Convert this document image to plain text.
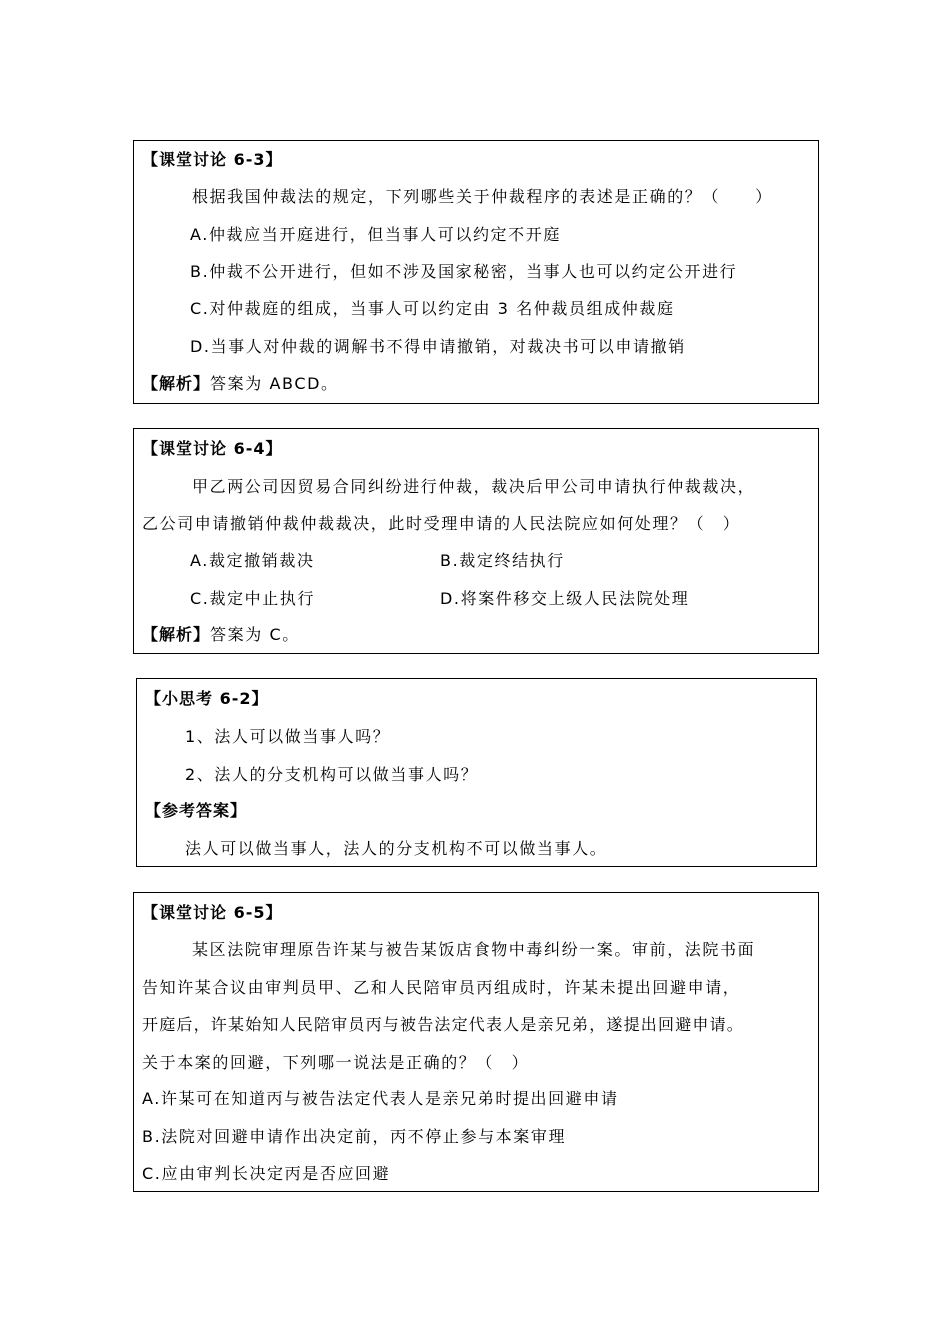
【课堂讨论 6-3】
根据我国仲裁法的规定，下列哪些关于仲裁程序的表述是正确的？（　　）
A.仲裁应当开庭进行，但当事人可以约定不开庭
B.仲裁不公开进行，但如不涉及国家秘密，当事人也可以约定公开进行
C.对仲裁庭的组成，当事人可以约定由 3 名仲裁员组成仲裁庭
D.当事人对仲裁的调解书不得申请撤销，对裁决书可以申请撤销
【解析】答案为 ABCD。
【课堂讨论 6-4】
甲乙两公司因贸易合同纠纷进行仲裁，裁决后甲公司申请执行仲裁裁决，
乙公司申请撤销仲裁仲裁裁决，此时受理申请的人民法院应如何处理？（　）
A.裁定撤销裁决	B.裁定终结执行
C.裁定中止执行	D.将案件移交上级人民法院处理
【解析】答案为 C。
【小思考 6-2】
1、法人可以做当事人吗？
2、法人的分支机构可以做当事人吗？
【参考答案】
法人可以做当事人，法人的分支机构不可以做当事人。
【课堂讨论 6-5】
某区法院审理原告许某与被告某饭店食物中毒纠纷一案。审前，法院书面
告知许某合议由审判员甲、乙和人民陪审员丙组成时，许某未提出回避申请，
开庭后，许某始知人民陪审员丙与被告法定代表人是亲兄弟，遂提出回避申请。
关于本案的回避，下列哪一说法是正确的？（　）
A.许某可在知道丙与被告法定代表人是亲兄弟时提出回避申请
B.法院对回避申请作出决定前，丙不停止参与本案审理
C.应由审判长决定丙是否应回避
